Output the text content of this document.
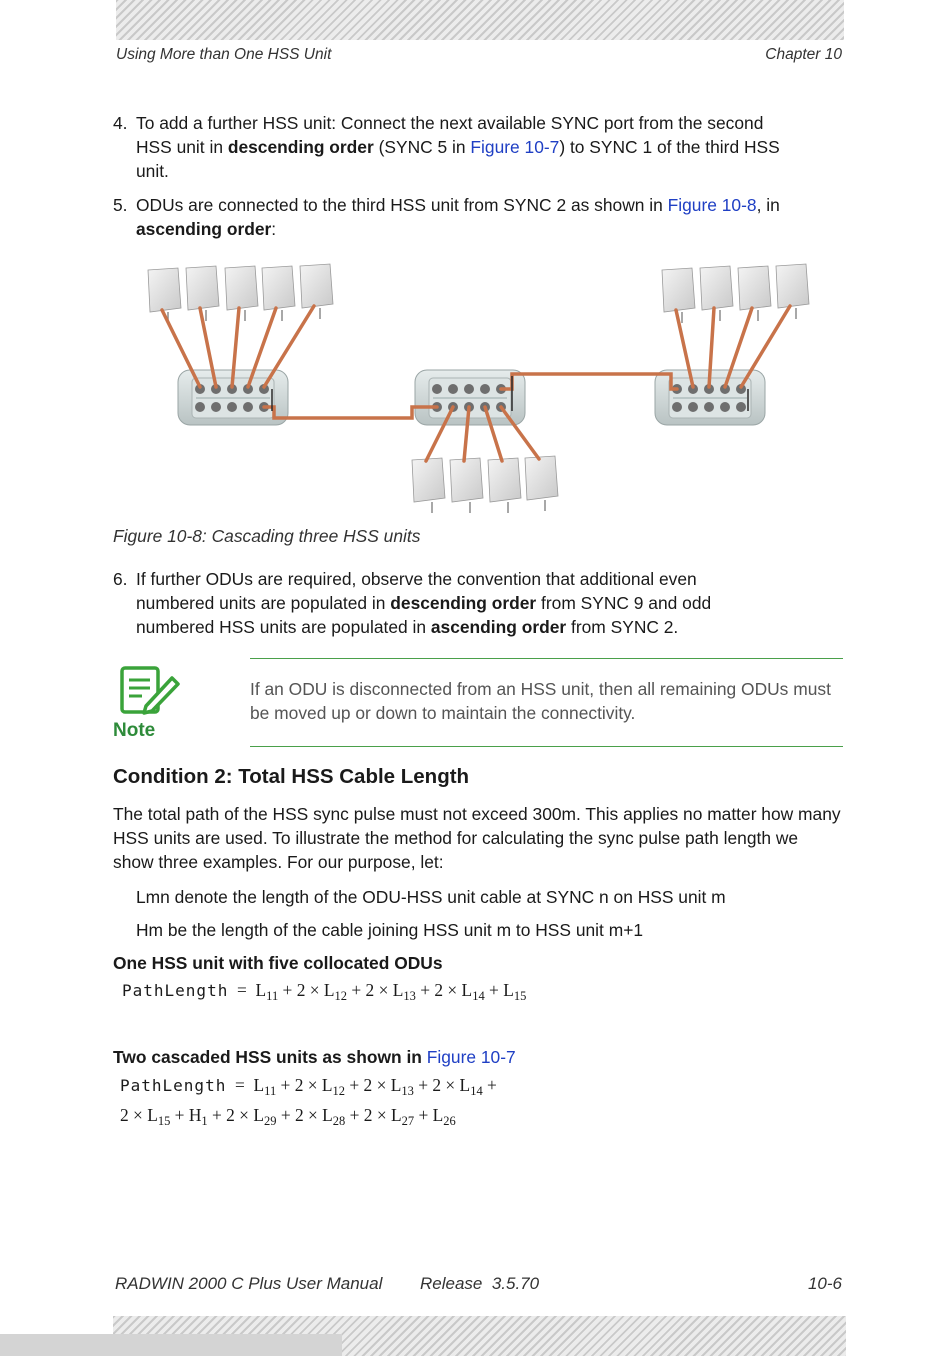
Using More than One HSS Unit	Chapter 10
4. To add a further HSS unit: Connect the next available SYNC port from the second
HSS unit in descending order (SYNC 5 in Figure 10-7) to SYNC 1 of the third HSS
unit.
5. ODUs are connected to the third HSS unit from SYNC 2 as shown in Figure 10-8, in
ascending order:
Figure 10-8: Cascading three HSS units
6. If further ODUs are required, observe the convention that additional even
numbered units are populated in descending order from SYNC 9 and odd
numbered HSS units are populated in ascending order from SYNC 2.
Note
If an ODU is disconnected from an HSS unit, then all remaining ODUs must
be moved up or down to maintain the connectivity.
Condition 2: Total HSS Cable Length
The total path of the HSS sync pulse must not exceed 300m. This applies no matter how many
HSS units are used. To illustrate the method for calculating the sync pulse path length we
show three examples. For our purpose, let:
Lmn denote the length of the ODU-HSS unit cable at SYNC n on HSS unit m
Hm be the length of the cable joining HSS unit m to HSS unit m+1
One HSS unit with five collocated ODUs
PathLength  =  $L_{11} + 2 \times L_{12} + 2 \times L_{13} + 2 \times L_{14} + L_{15}$
Two cascaded HSS units as shown in Figure 10-7
PathLength  =  $L_{11} + 2 \times L_{12} + 2 \times L_{13} + 2 \times L_{14}$ +
$2 \times L_{15} + H_1 + 2 \times L_{29} + 2 \times L_{28} + 2 \times L_{27} + L_{26}$
RADWIN 2000 C Plus User Manual Release  3.5.70	10-6
